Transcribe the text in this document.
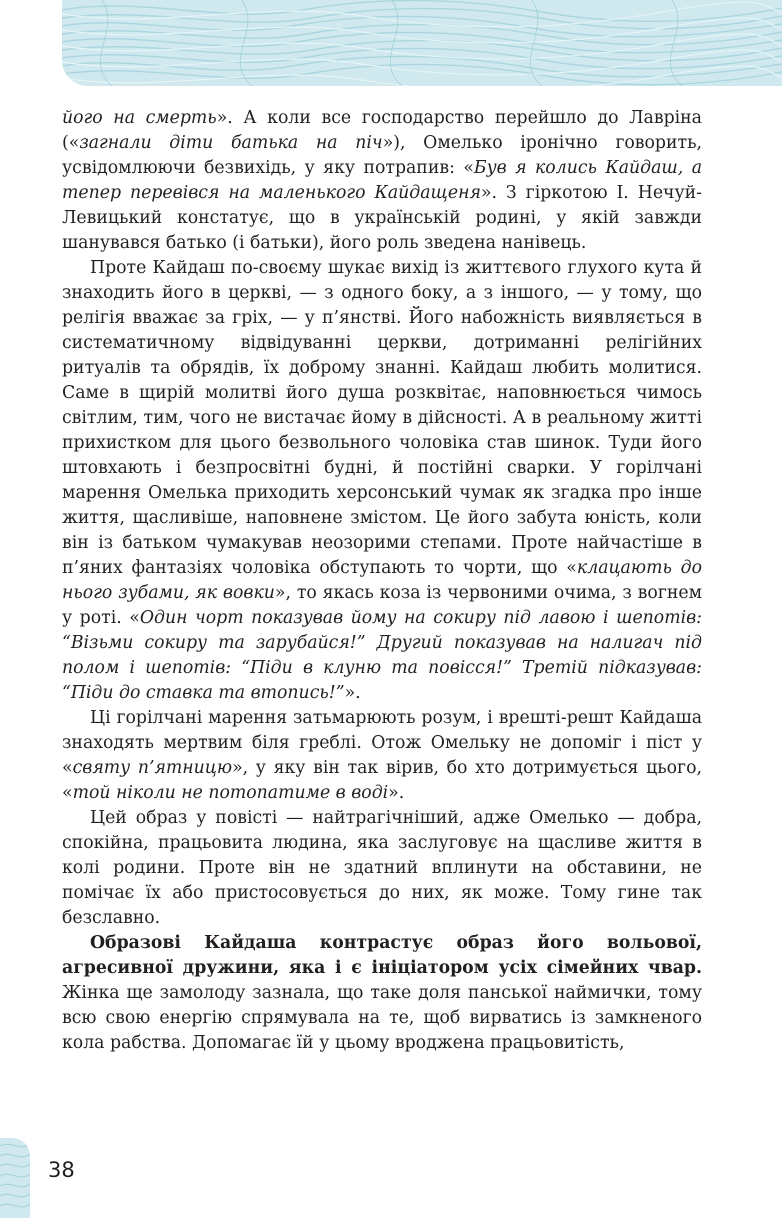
його на смерть». А коли все господарство перейшло до Лавріна («загнали діти батька на піч»), Омелько іронічно говорить, усвідомлюючи безвихідь, у яку потрапив: «Був я колись Кайдаш, а тепер перевівся на маленького Кайдащеня». З гіркотою І. Нечуй-Левицький констатує, що в українській родині, у якій завжди шанувався батько (і батьки), його роль зведена нанівець.

Проте Кайдаш по-своєму шукає вихід із життєвого глухого кута й знаходить його в церкві, — з одного боку, а з іншого, — у тому, що релігія вважає за гріх, — у п’янстві. Його набожність виявляється в систематичному відвідуванні церкви, дотриманні релігійних ритуалів та обрядів, їх доброму знанні. Кайдаш любить молитися. Саме в щирій молитві його душа розквітає, наповнюється чимось світлим, тим, чого не вистачає йому в дійсності. А в реальному житті прихистком для цього безвольного чоловіка став шинок. Туди його штовхають і безпросвітні будні, й постійні сварки. У горілчані марення Омелька приходить херсонський чумак як згадка про інше життя, щасливіше, наповнене змістом. Це його забута юність, коли він із батьком чумакував неозорими степами. Проте найчастіше в п’яних фантазіях чоловіка обступають то чорти, що «клацають до нього зубами, як вовки», то якась коза із червоними очима, з вогнем у роті. «Один чорт показував йому на сокиру під лавою і шепотів: “Візьми сокиру та зарубайся!” Другий показував на налигач під полом і шепотів: “Піди в клуню та повісся!” Третій підказував: “Піди до ставка та втопись!”».

Ці горілчані марення затьмарюють розум, і врешті-решт Кайдаша знаходять мертвим біля греблі. Отож Омельку не допоміг і піст у «святу п’ятницю», у яку він так вірив, бо хто дотримується цього, «той ніколи не потопатиме в воді».

Цей образ у повісті — найтрагічніший, адже Омелько — добра, спокійна, працьовита людина, яка заслуговує на щасливе життя в колі родини. Проте він не здатний вплинути на обставини, не помічає їх або пристосовується до них, як може. Тому гине так безславно.

Образові Кайдаша контрастує образ його вольової, агресивної дружини, яка і є ініціатором усіх сімейних чвар. Жінка ще замолоду зазнала, що таке доля панської наймички, тому всю свою енергію спрямувала на те, щоб вирватись із замкненого кола рабства. Допомагає їй у цьому вроджена працьовитість,

38
